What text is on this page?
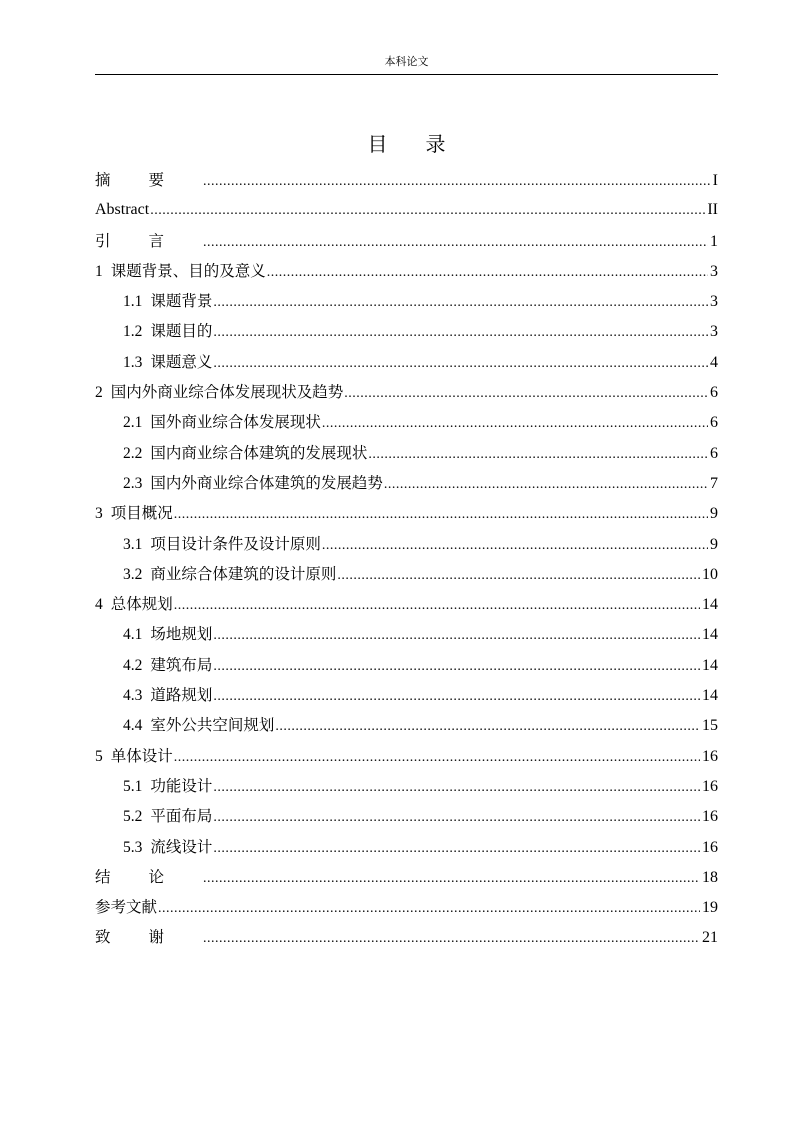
本科论文
目录
摘要 .....	I
Abstract .....	II
引言 .....	1
1 课题背景、目的及意义 .....	3
1.1 课题背景 .....	3
1.2 课题目的 .....	3
1.3 课题意义 .....	4
2 国内外商业综合体发展现状及趋势 .....	6
2.1 国外商业综合体发展现状 .....	6
2.2 国内商业综合体建筑的发展现状 .....	6
2.3 国内外商业综合体建筑的发展趋势 .....	7
3 项目概况 .....	9
3.1 项目设计条件及设计原则 .....	9
3.2 商业综合体建筑的设计原则 .....	10
4 总体规划 .....	14
4.1 场地规划 .....	14
4.2 建筑布局 .....	14
4.3 道路规划 .....	14
4.4 室外公共空间规划 .....	15
5 单体设计 .....	16
5.1 功能设计 .....	16
5.2 平面布局 .....	16
5.3 流线设计 .....	16
结论 .....	18
参考文献 .....	19
致谢 .....	21
